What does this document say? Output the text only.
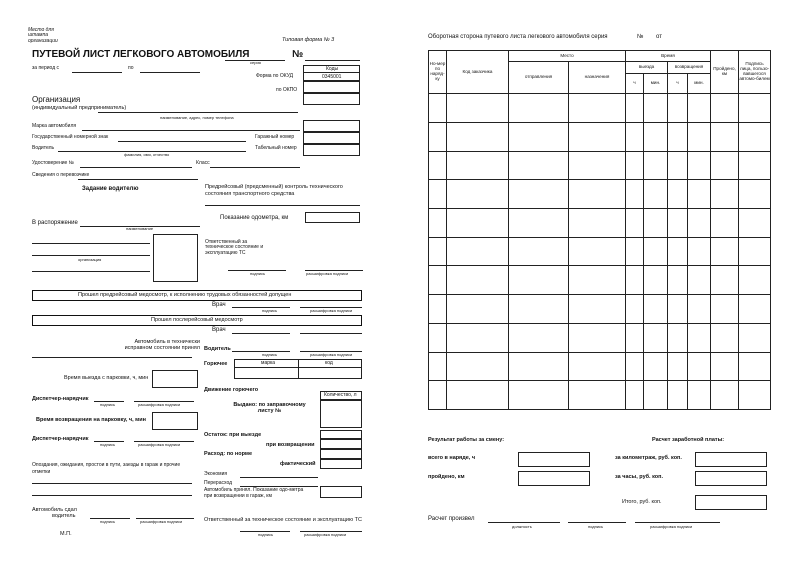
Место для штампа организации	Типовая форма № 3
ПУТЕВОЙ ЛИСТ ЛЕГКОВОГО АВТОМОБИЛЯ	№
серия
за период с	по	Коды
Форма по ОКУД	0345001
по ОКПО
Организация
(индивидуальный предприниматель)
наименование, адрес, номер телефона
Марка автомобиля
Государственный номерной знак	Гаражный номер
Водитель
фамилия, имя, отчество
Табельный номер
Удостоверение №	Класс
Сведения о перевозчике
Задание водителю	Предрейсовый (предсменный) контроль технического состояния транспортного средства
Показание одометра, км
В распоряжение
наименование
организация
Ответственный за техническое состояние и эксплуатацию ТС
подпись	расшифровка подписи
Прошел предрейсовый медосмотр, к исполнению трудовых обязанностей допущен
Врач
подпись	расшифровка подписи
Прошел послерейсовый медосмотр
Врач
Автомобиль в технически исправном состоянии принял Водитель
подпись	расшифровка подписи
Горючее	марка	код
Время выезда с парковки, ч, мин
Движение горючего
Количество, л
Диспетчер-нарядчик
подпись	расшифровка подписи	Выдано: по заправочному листу №
Время возвращения на парковку, ч, мин
Остаток: при выезде
при возвращении
Диспетчер-нарядчик
подпись	расшифровка подписи
Расход: по норме
фактический
Опоздания, ожидания, простои в пути, заезды в гараж и прочие отметки	Экономия
Перерасход
Автомобиль принял. Показание одо-метра при возвращении в гараж, км
Автомобиль сдал
водитель
подпись	расшифровка подписи	Ответственный за техническое состояние и эксплуатацию ТС
подпись	расшифровка подписи
М.П.
Оборотная сторона путевого листа легкового автомобиля серия	№ от
Но-мер по наряд-ку	Код заказчика	Место		Время				Пройдено, км	Подпись лица, пользо-вавшегося автомо-билем
		отправления	назначения	выезда		возвращения			
				ч	мин.	ч	мин.		

Результат работы за смену:	Расчет заработной платы:
всего в наряде, ч	за километраж, руб. коп.
пройдено, км	за часы, руб. коп.
Итого, руб. коп.
Расчет произвел
должность	подпись	расшифровка подписи
